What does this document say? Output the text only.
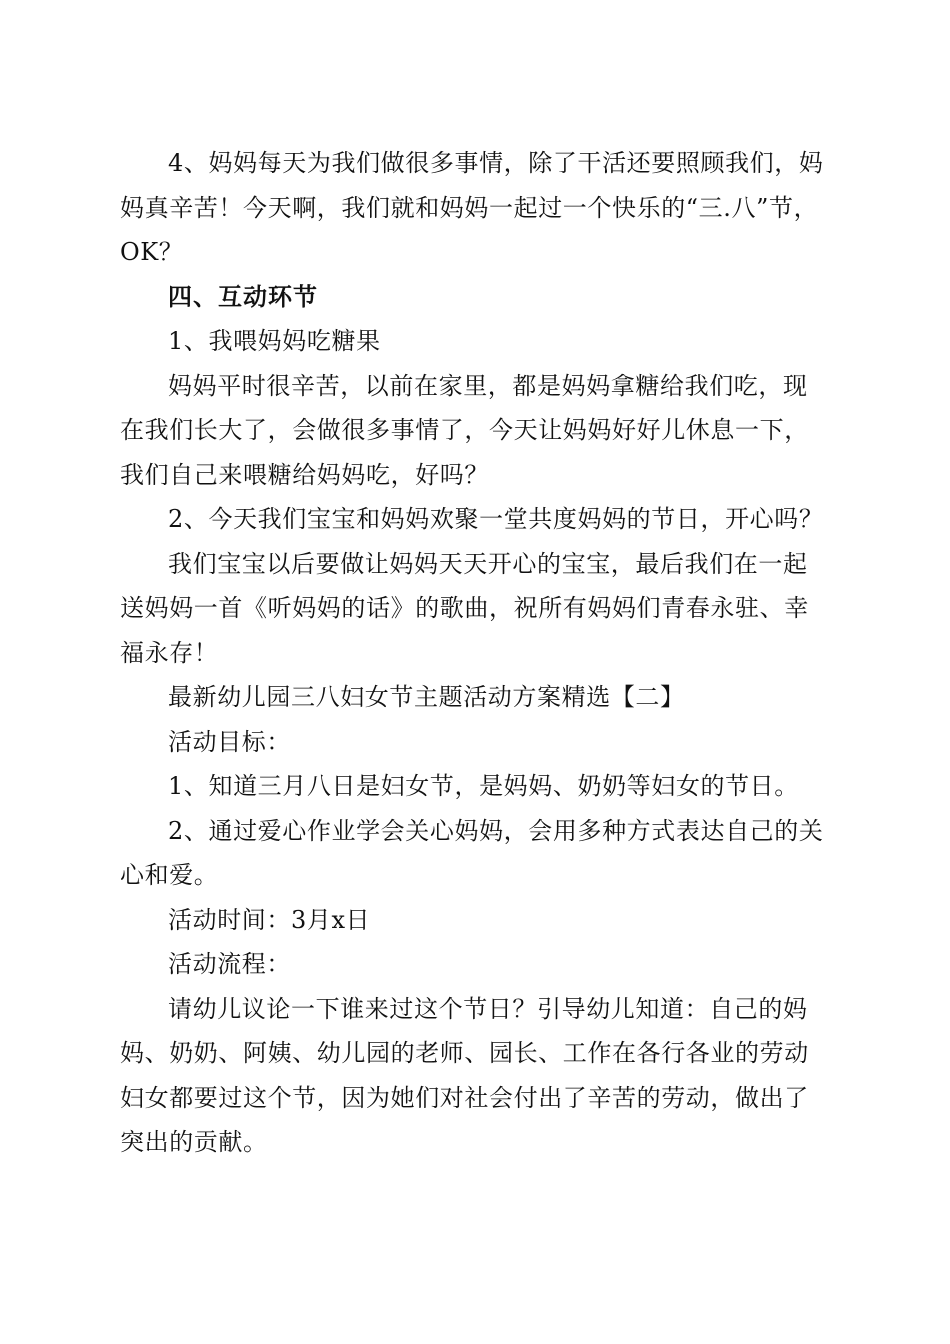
4、妈妈每天为我们做很多事情，除了干活还要照顾我们，妈妈真辛苦！今天啊，我们就和妈妈一起过一个快乐的“三.八”节，OK？

四、互动环节

1、我喂妈妈吃糖果

妈妈平时很辛苦，以前在家里，都是妈妈拿糖给我们吃，现在我们长大了，会做很多事情了，今天让妈妈好好儿休息一下，我们自己来喂糖给妈妈吃，好吗？

2、今天我们宝宝和妈妈欢聚一堂共度妈妈的节日，开心吗？

我们宝宝以后要做让妈妈天天开心的宝宝，最后我们在一起送妈妈一首《听妈妈的话》的歌曲，祝所有妈妈们青春永驻、幸福永存！

最新幼儿园三八妇女节主题活动方案精选【二】

活动目标：

1、知道三月八日是妇女节，是妈妈、奶奶等妇女的节日。

2、通过爱心作业学会关心妈妈，会用多种方式表达自己的关心和爱。

活动时间：3月x日

活动流程：

请幼儿议论一下谁来过这个节日？引导幼儿知道：自己的妈妈、奶奶、阿姨、幼儿园的老师、园长、工作在各行各业的劳动妇女都要过这个节，因为她们对社会付出了辛苦的劳动，做出了突出的贡献。
